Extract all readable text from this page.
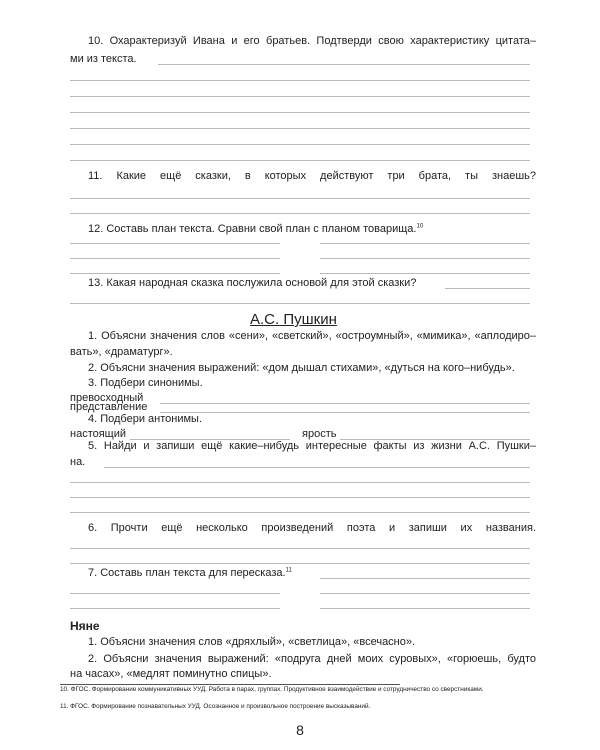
10. Охарактеризуй Ивана и его братьев. Подтверди свою характеристику цитата–
ми из текста.
11. Какие ещё сказки, в которых действуют три брата, ты знаешь?
12. Составь план текста. Сравни свой план с планом товарища.$^{10}$
13. Какая народная сказка послужила основой для этой сказки?
А.С. Пушкин
1. Объясни значения слов «сени», «светский», «остроумный», «мимика», «аплодиро–
вать», «драматург».
2. Объясни значения выражений: «дом дышал стихами», «дуться на кого–нибудь».
3. Подбери синонимы.
превосходный
представление
4. Подбери антонимы.
настоящий	ярость
5. Найди и запиши ещё какие–нибудь интересные факты из жизни А.С. Пушки–
на.
6. Прочти ещё несколько произведений поэта и запиши их названия.
7. Составь план текста для пересказа.$^{11}$
Няне
1. Объясни значения слов «дряхлый», «светлица», «всечасно».
2. Объясни значения выражений: «подруга дней моих суровых», «горюешь, будто
на часах», «медлят поминутно спицы».
10. ФГОС. Формирование коммуникативных УУД. Работа в парах, группах. Продуктивное взаимодействие и сотрудничество со сверстниками.
11. ФГОС. Формирование познавательных УУД. Осознанное и произвольное построение высказываний.
8
